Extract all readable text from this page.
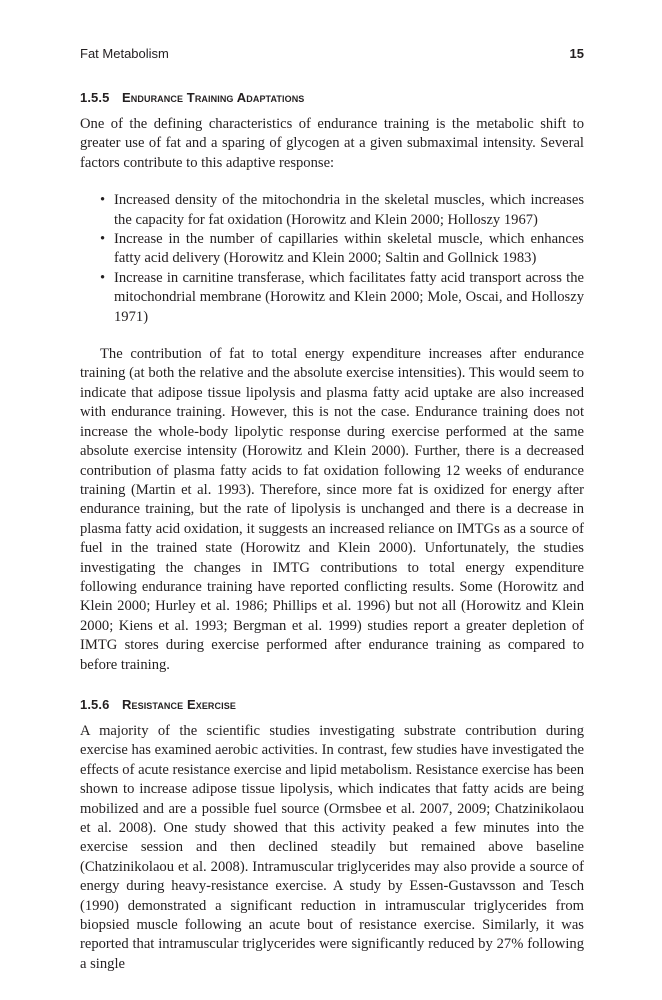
Fat Metabolism	15
1.5.5 Endurance Training Adaptations

One of the defining characteristics of endurance training is the metabolic shift to greater use of fat and a sparing of glycogen at a given submaximal intensity. Several factors contribute to this adaptive response:

• Increased density of the mitochondria in the skeletal muscles, which increases the capacity for fat oxidation (Horowitz and Klein 2000; Holloszy 1967)
• Increase in the number of capillaries within skeletal muscle, which enhances fatty acid delivery (Horowitz and Klein 2000; Saltin and Gollnick 1983)
• Increase in carnitine transferase, which facilitates fatty acid transport across the mitochondrial membrane (Horowitz and Klein 2000; Mole, Oscai, and Holloszy 1971)

The contribution of fat to total energy expenditure increases after endurance training (at both the relative and the absolute exercise intensities). This would seem to indicate that adipose tissue lipolysis and plasma fatty acid uptake are also increased with endurance training. However, this is not the case. Endurance training does not increase the whole-body lipolytic response during exercise performed at the same absolute exercise intensity (Horowitz and Klein 2000). Further, there is a decreased contribution of plasma fatty acids to fat oxidation following 12 weeks of endurance training (Martin et al. 1993). Therefore, since more fat is oxidized for energy after endurance training, but the rate of lipolysis is unchanged and there is a decrease in plasma fatty acid oxidation, it suggests an increased reliance on IMTGs as a source of fuel in the trained state (Horowitz and Klein 2000). Unfortunately, the studies investigating the changes in IMTG contributions to total energy expenditure following endurance training have reported conflicting results. Some (Horowitz and Klein 2000; Hurley et al. 1986; Phillips et al. 1996) but not all (Horowitz and Klein 2000; Kiens et al. 1993; Bergman et al. 1999) studies report a greater depletion of IMTG stores during exercise performed after endurance training as compared to before training.

1.5.6 Resistance Exercise

A majority of the scientific studies investigating substrate contribution during exercise has examined aerobic activities. In contrast, few studies have investigated the effects of acute resistance exercise and lipid metabolism. Resistance exercise has been shown to increase adipose tissue lipolysis, which indicates that fatty acids are being mobilized and are a possible fuel source (Ormsbee et al. 2007, 2009; Chatzinikolaou et al. 2008). One study showed that this activity peaked a few minutes into the exercise session and then declined steadily but remained above baseline (Chatzinikolaou et al. 2008). Intramuscular triglycerides may also provide a source of energy during heavy-resistance exercise. A study by Essen-Gustavsson and Tesch (1990) demonstrated a significant reduction in intramuscular triglycerides from biopsied muscle following an acute bout of resistance exercise. Similarly, it was reported that intramuscular triglycerides were significantly reduced by 27% following a single
